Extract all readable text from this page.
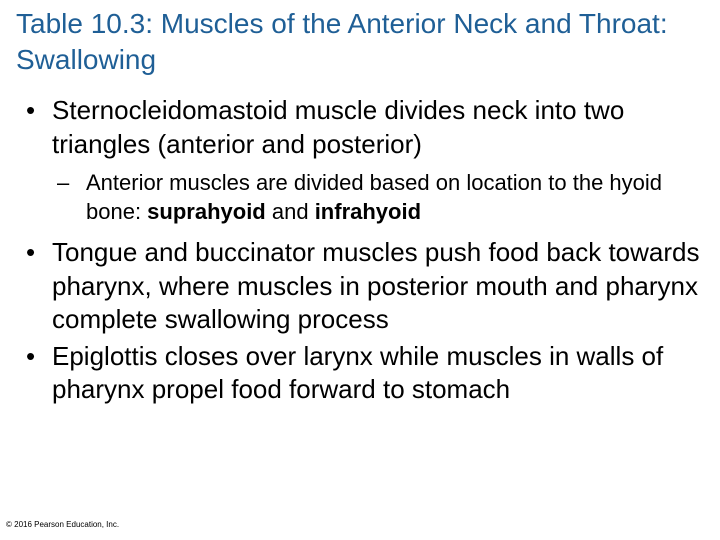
Table 10.3: Muscles of the Anterior Neck and Throat: Swallowing
• Sternocleidomastoid muscle divides neck into two triangles (anterior and posterior)
– Anterior muscles are divided based on location to the hyoid bone: suprahyoid and infrahyoid
• Tongue and buccinator muscles push food back towards pharynx, where muscles in posterior mouth and pharynx complete swallowing process
• Epiglottis closes over larynx while muscles in walls of pharynx propel food forward to stomach
© 2016 Pearson Education, Inc.
